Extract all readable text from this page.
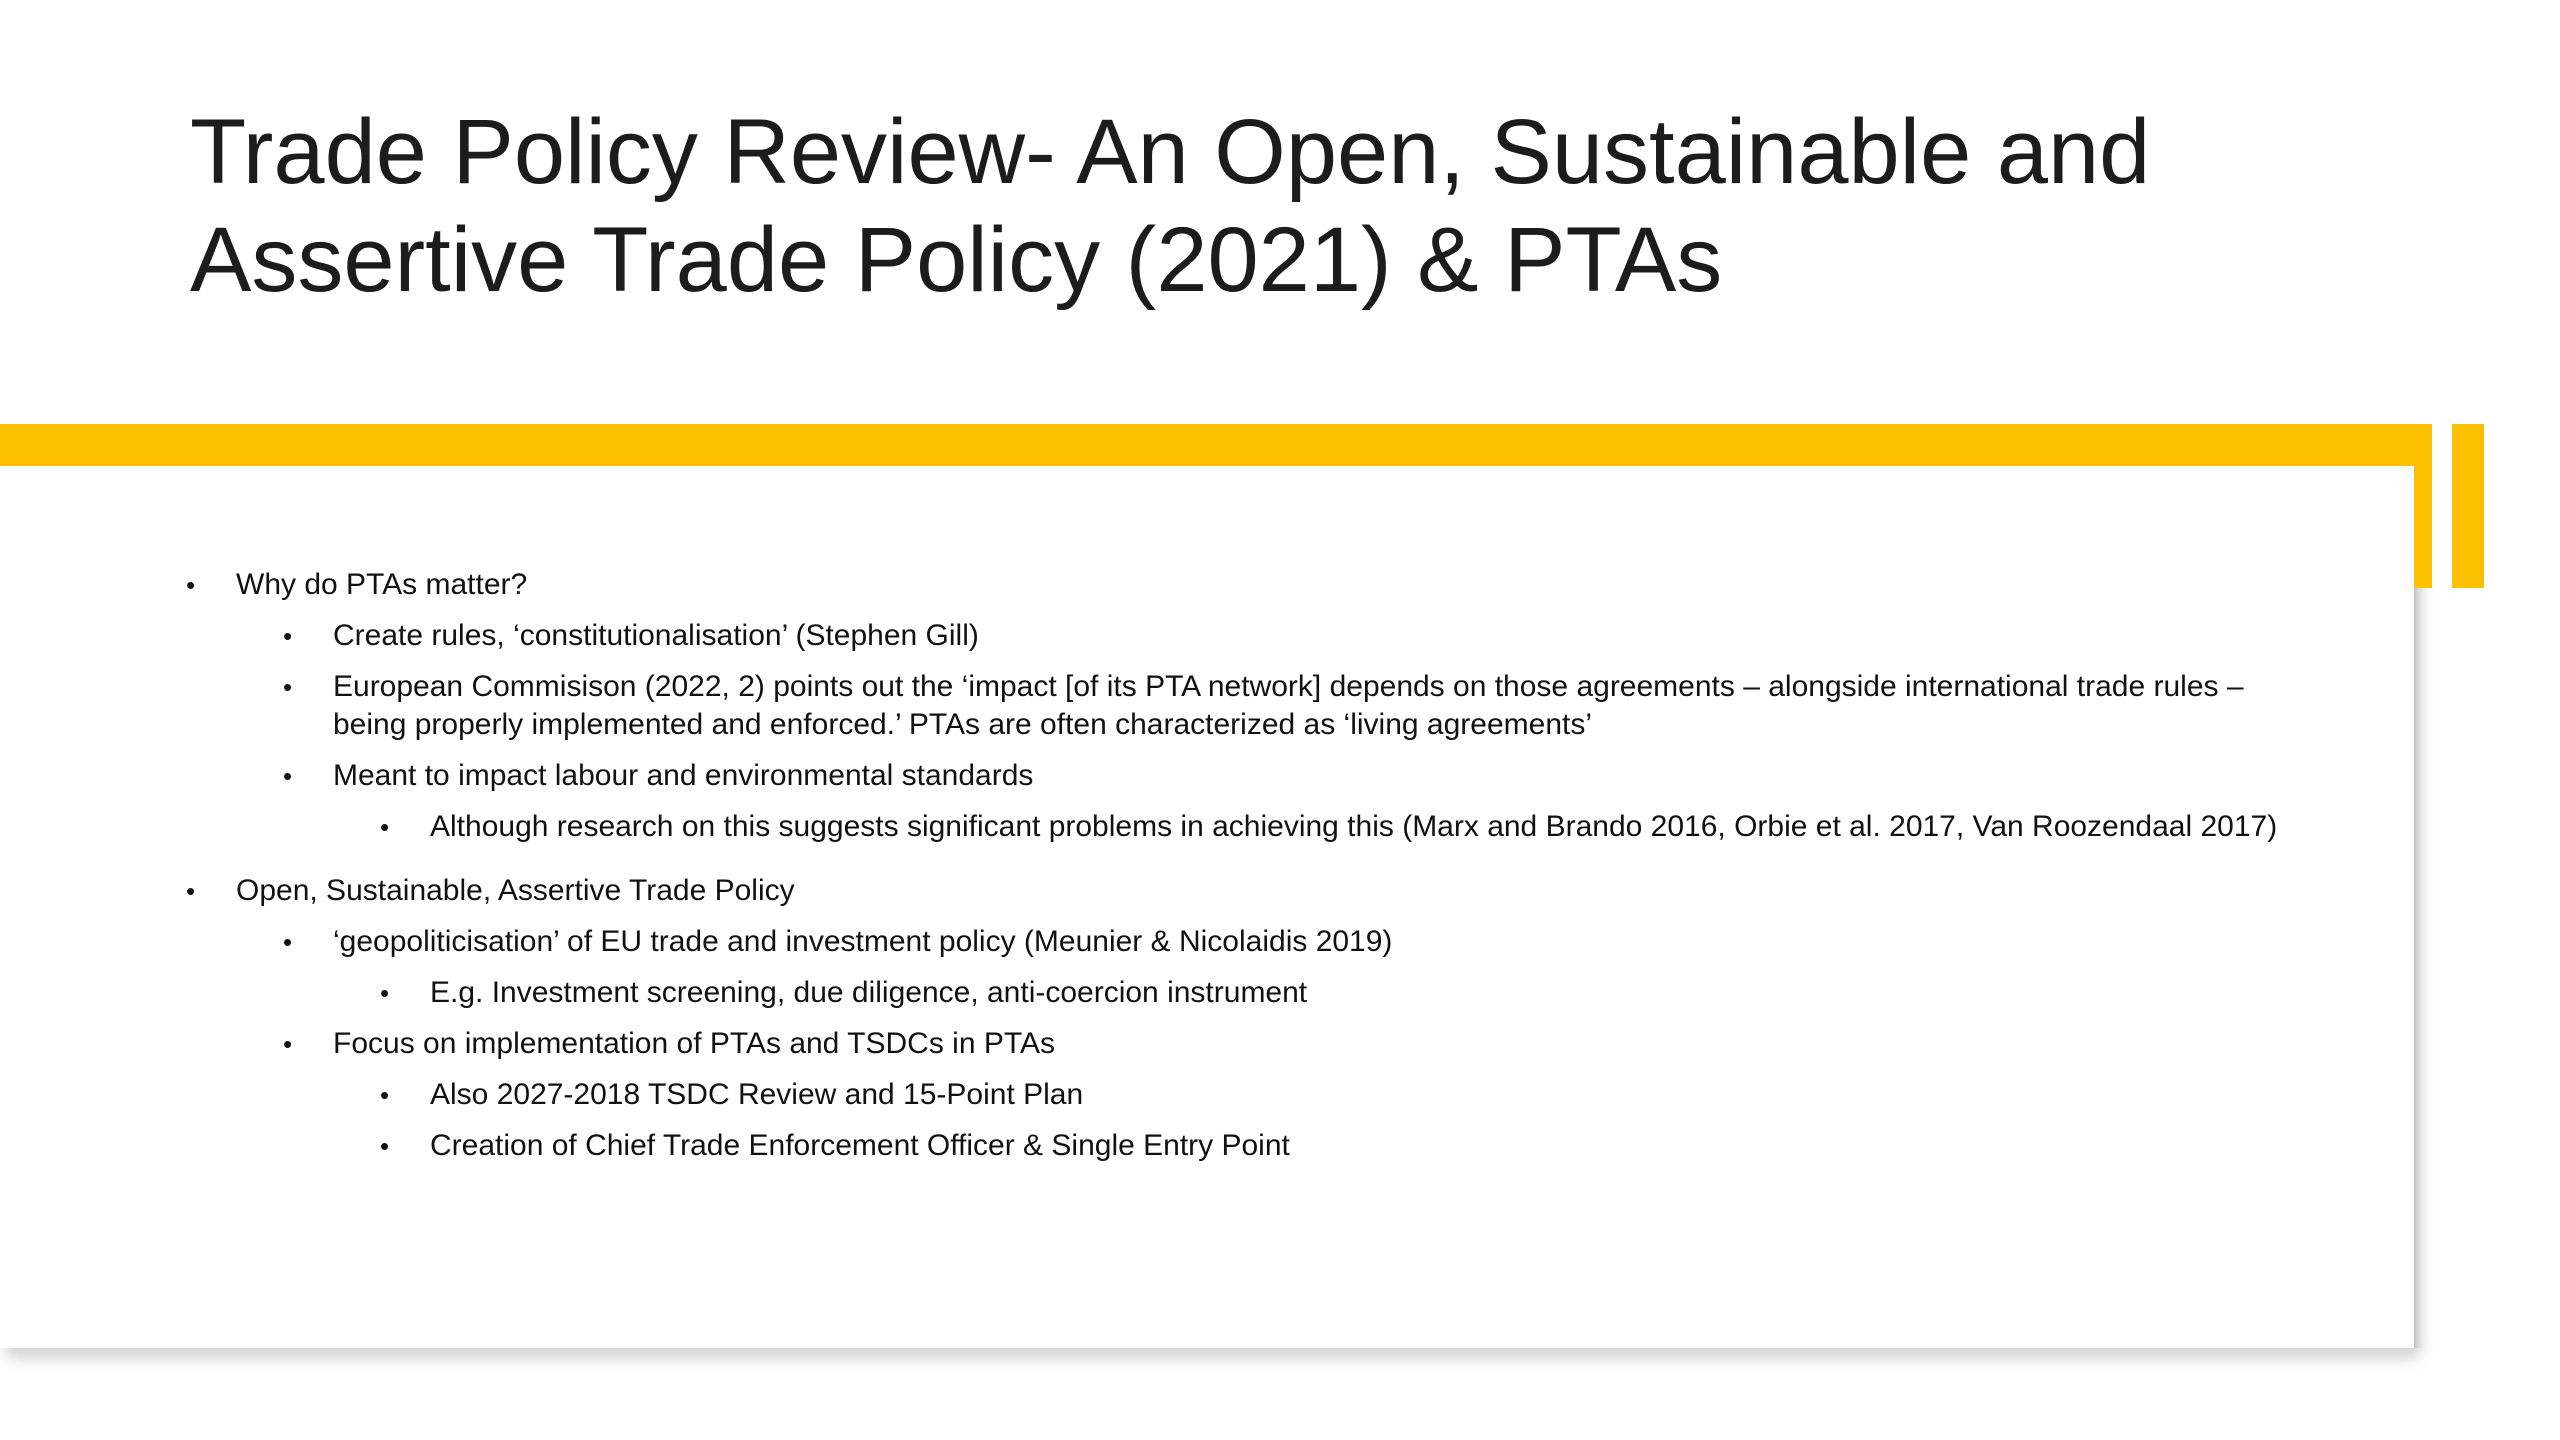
Trade Policy Review- An Open, Sustainable and
Assertive Trade Policy (2021) & PTAs
• Why do PTAs matter?
• Create rules, ‘constitutionalisation’ (Stephen Gill)
• European Commisison (2022, 2) points out the ‘impact [of its PTA network] depends on those agreements – alongside international trade rules – being properly implemented and enforced.’ PTAs are often characterized as ‘living agreements’
• Meant to impact labour and environmental standards
• Although research on this suggests significant problems in achieving this (Marx and Brando 2016, Orbie et al. 2017, Van Roozendaal 2017)
• Open, Sustainable, Assertive Trade Policy
• ‘geopoliticisation’ of EU trade and investment policy (Meunier & Nicolaidis 2019)
• E.g. Investment screening, due diligence, anti-coercion instrument
• Focus on implementation of PTAs and TSDCs in PTAs
• Also 2027-2018 TSDC Review and 15-Point Plan
• Creation of Chief Trade Enforcement Officer & Single Entry Point
